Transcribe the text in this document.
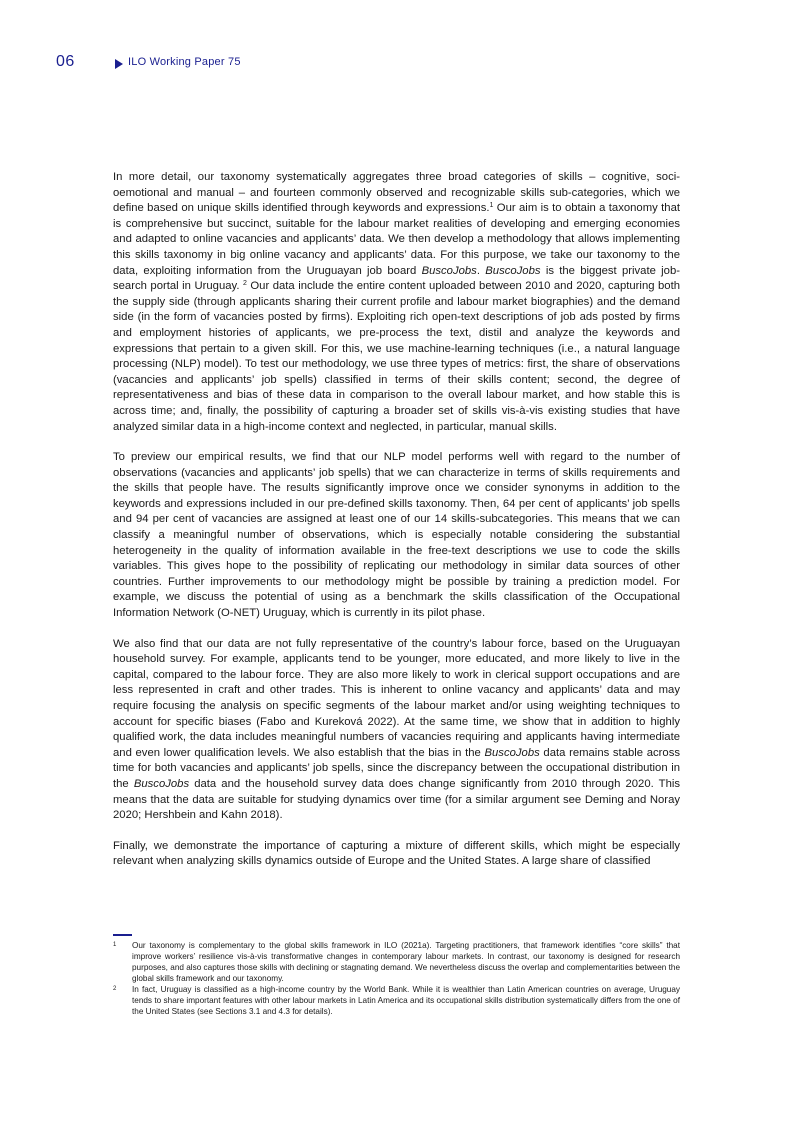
06	ILO Working Paper 75

In more detail, our taxonomy systematically aggregates three broad categories of skills – cognitive, socioemotional and manual – and fourteen commonly observed and recognizable skills sub-categories, which we define based on unique skills identified through keywords and expressions.$^1$ Our aim is to obtain a taxonomy that is comprehensive but succinct, suitable for the labour market realities of developing and emerging economies and adapted to online vacancies and applicants’ data. We then develop a methodology that allows implementing this skills taxonomy in big online vacancy and applicants’ data. For this purpose, we take our taxonomy to the data, exploiting information from the Uruguayan job board BuscoJobs. BuscoJobs is the biggest private job-search portal in Uruguay. $^2$ Our data include the entire content uploaded between 2010 and 2020, capturing both the supply side (through applicants sharing their current profile and labour market biographies) and the demand side (in the form of vacancies posted by firms). Exploiting rich open-text descriptions of job ads posted by firms and employment histories of applicants, we pre-process the text, distil and analyze the keywords and expressions that pertain to a given skill. For this, we use machine-learning techniques (i.e., a natural language processing (NLP) model). To test our methodology, we use three types of metrics: first, the share of observations (vacancies and applicants’ job spells) classified in terms of their skills content; second, the degree of representativeness and bias of these data in comparison to the overall labour market, and how stable this is across time; and, finally, the possibility of capturing a broader set of skills vis-à-vis existing studies that have analyzed similar data in a high-income context and neglected, in particular, manual skills.

To preview our empirical results, we find that our NLP model performs well with regard to the number of observations (vacancies and applicants’ job spells) that we can characterize in terms of skills requirements and the skills that people have. The results significantly improve once we consider synonyms in addition to the keywords and expressions included in our pre-defined skills taxonomy. Then, 64 per cent of applicants’ job spells and 94 per cent of vacancies are assigned at least one of our 14 skills-subcategories. This means that we can classify a meaningful number of observations, which is especially notable considering the substantial heterogeneity in the quality of information available in the free-text descriptions we use to code the skills variables. This gives hope to the possibility of replicating our methodology in similar data sources of other countries. Further improvements to our methodology might be possible by training a prediction model. For example, we discuss the potential of using as a benchmark the skills classification of the Occupational Information Network (O-NET) Uruguay, which is currently in its pilot phase.

We also find that our data are not fully representative of the country’s labour force, based on the Uruguayan household survey. For example, applicants tend to be younger, more educated, and more likely to live in the capital, compared to the labour force. They are also more likely to work in clerical support occupations and are less represented in craft and other trades. This is inherent to online vacancy and applicants’ data and may require focusing the analysis on specific segments of the labour market and/or using weighting techniques to account for specific biases (Fabo and Kureková 2022). At the same time, we show that in addition to highly qualified work, the data includes meaningful numbers of vacancies requiring and applicants having intermediate and even lower qualification levels. We also establish that the bias in the BuscoJobs data remains stable across time for both vacancies and applicants’ job spells, since the discrepancy between the occupational distribution in the BuscoJobs data and the household survey data does change significantly from 2010 through 2020. This means that the data are suitable for studying dynamics over time (for a similar argument see Deming and Noray 2020; Hershbein and Kahn 2018).

Finally, we demonstrate the importance of capturing a mixture of different skills, which might be especially relevant when analyzing skills dynamics outside of Europe and the United States. A large share of classified

1	Our taxonomy is complementary to the global skills framework in ILO (2021a). Targeting practitioners, that framework identifies “core skills” that improve workers’ resilience vis-à-vis transformative changes in contemporary labour markets. In contrast, our taxonomy is designed for research purposes, and also captures those skills with declining or stagnating demand. We nevertheless discuss the overlap and complementarities between the global skills framework and our taxonomy.
2	In fact, Uruguay is classified as a high-income country by the World Bank. While it is wealthier than Latin American countries on average, Uruguay tends to share important features with other labour markets in Latin America and its occupational skills distribution systematically differs from the one of the United States (see Sections 3.1 and 4.3 for details).
